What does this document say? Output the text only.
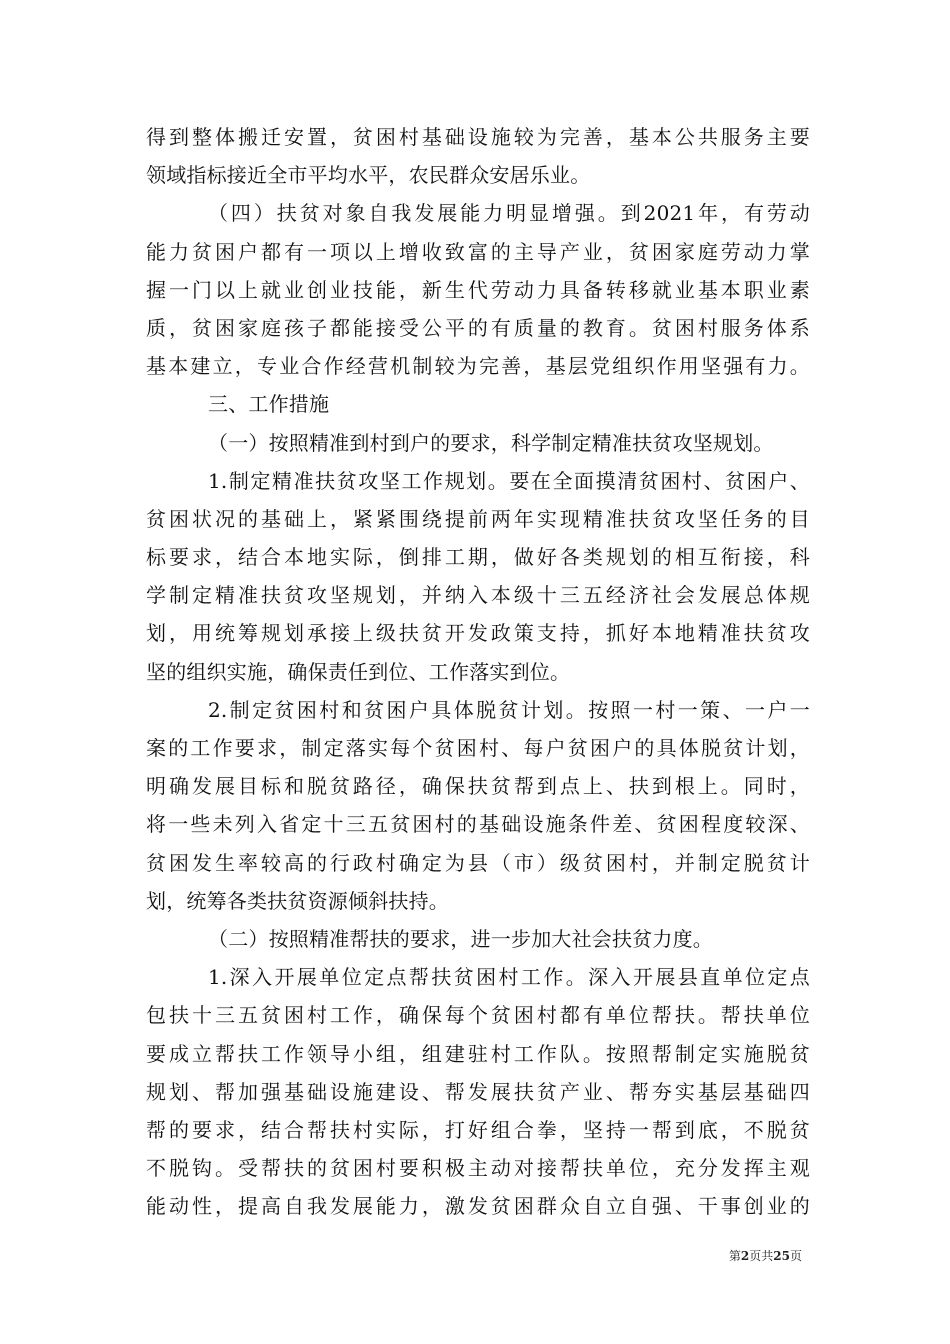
得到整体搬迁安置，贫困村基础设施较为完善，基本公共服务主要
领域指标接近全市平均水平，农民群众安居乐业。
（四）扶贫对象自我发展能力明显增强。到2021年，有劳动
能力贫困户都有一项以上增收致富的主导产业，贫困家庭劳动力掌
握一门以上就业创业技能，新生代劳动力具备转移就业基本职业素
质，贫困家庭孩子都能接受公平的有质量的教育。贫困村服务体系
基本建立，专业合作经营机制较为完善，基层党组织作用坚强有力。
三、工作措施
（一）按照精准到村到户的要求，科学制定精准扶贫攻坚规划。
1.制定精准扶贫攻坚工作规划。要在全面摸清贫困村、贫困户、
贫困状况的基础上，紧紧围绕提前两年实现精准扶贫攻坚任务的目
标要求，结合本地实际，倒排工期，做好各类规划的相互衔接，科
学制定精准扶贫攻坚规划，并纳入本级十三五经济社会发展总体规
划，用统筹规划承接上级扶贫开发政策支持，抓好本地精准扶贫攻
坚的组织实施，确保责任到位、工作落实到位。
2.制定贫困村和贫困户具体脱贫计划。按照一村一策、一户一
案的工作要求，制定落实每个贫困村、每户贫困户的具体脱贫计划，
明确发展目标和脱贫路径，确保扶贫帮到点上、扶到根上。同时，
将一些未列入省定十三五贫困村的基础设施条件差、贫困程度较深、
贫困发生率较高的行政村确定为县（市）级贫困村，并制定脱贫计
划，统筹各类扶贫资源倾斜扶持。
（二）按照精准帮扶的要求，进一步加大社会扶贫力度。
1.深入开展单位定点帮扶贫困村工作。深入开展县直单位定点
包扶十三五贫困村工作，确保每个贫困村都有单位帮扶。帮扶单位
要成立帮扶工作领导小组，组建驻村工作队。按照帮制定实施脱贫
规划、帮加强基础设施建设、帮发展扶贫产业、帮夯实基层基础四
帮的要求，结合帮扶村实际，打好组合拳，坚持一帮到底，不脱贫
不脱钩。受帮扶的贫困村要积极主动对接帮扶单位，充分发挥主观
能动性，提高自我发展能力，激发贫困群众自立自强、干事创业的
第2页共25页
